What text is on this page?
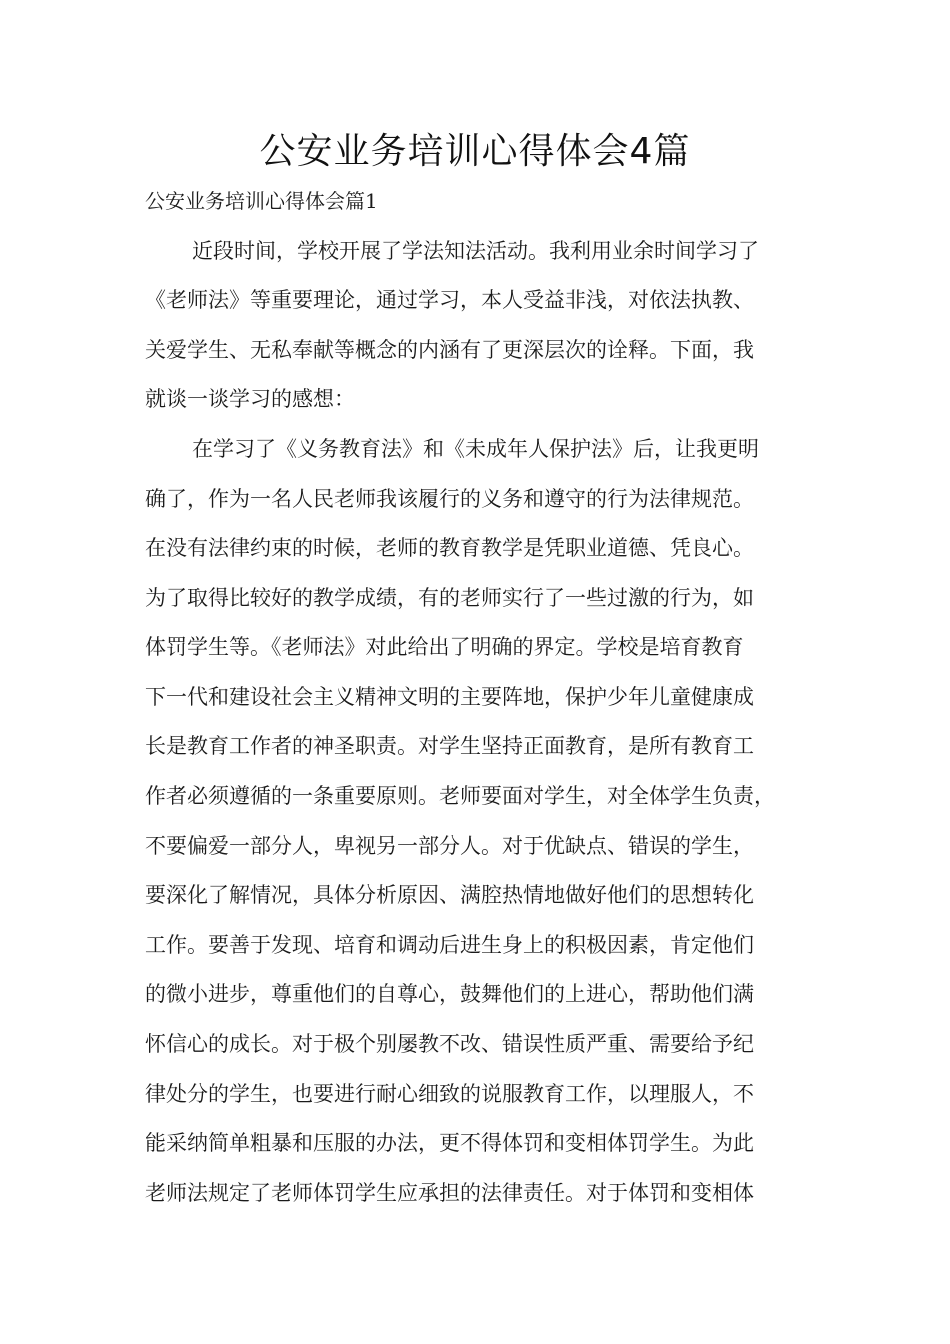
公安业务培训心得体会4篇

公安业务培训心得体会篇1

近段时间，学校开展了学法知法活动。我利用业余时间学习了

《老师法》等重要理论，通过学习，本人受益非浅，对依法执教、

关爱学生、无私奉献等概念的内涵有了更深层次的诠释。下面，我

就谈一谈学习的感想：

在学习了《义务教育法》和《未成年人保护法》后，让我更明

确了，作为一名人民老师我该履行的义务和遵守的行为法律规范。

在没有法律约束的时候，老师的教育教学是凭职业道德、凭良心。

为了取得比较好的教学成绩，有的老师实行了一些过激的行为，如

体罚学生等。《老师法》对此给出了明确的界定。学校是培育教育

下一代和建设社会主义精神文明的主要阵地，保护少年儿童健康成

长是教育工作者的神圣职责。对学生坚持正面教育，是所有教育工

作者必须遵循的一条重要原则。老师要面对学生，对全体学生负责，

不要偏爱一部分人，卑视另一部分人。对于优缺点、错误的学生，

要深化了解情况，具体分析原因、满腔热情地做好他们的思想转化

工作。要善于发现、培育和调动后进生身上的积极因素，肯定他们

的微小进步，尊重他们的自尊心，鼓舞他们的上进心，帮助他们满

怀信心的成长。对于极个别屡教不改、错误性质严重、需要给予纪

律处分的学生，也要进行耐心细致的说服教育工作，以理服人，不

能采纳简单粗暴和压服的办法，更不得体罚和变相体罚学生。为此

老师法规定了老师体罚学生应承担的法律责任。对于体罚和变相体
